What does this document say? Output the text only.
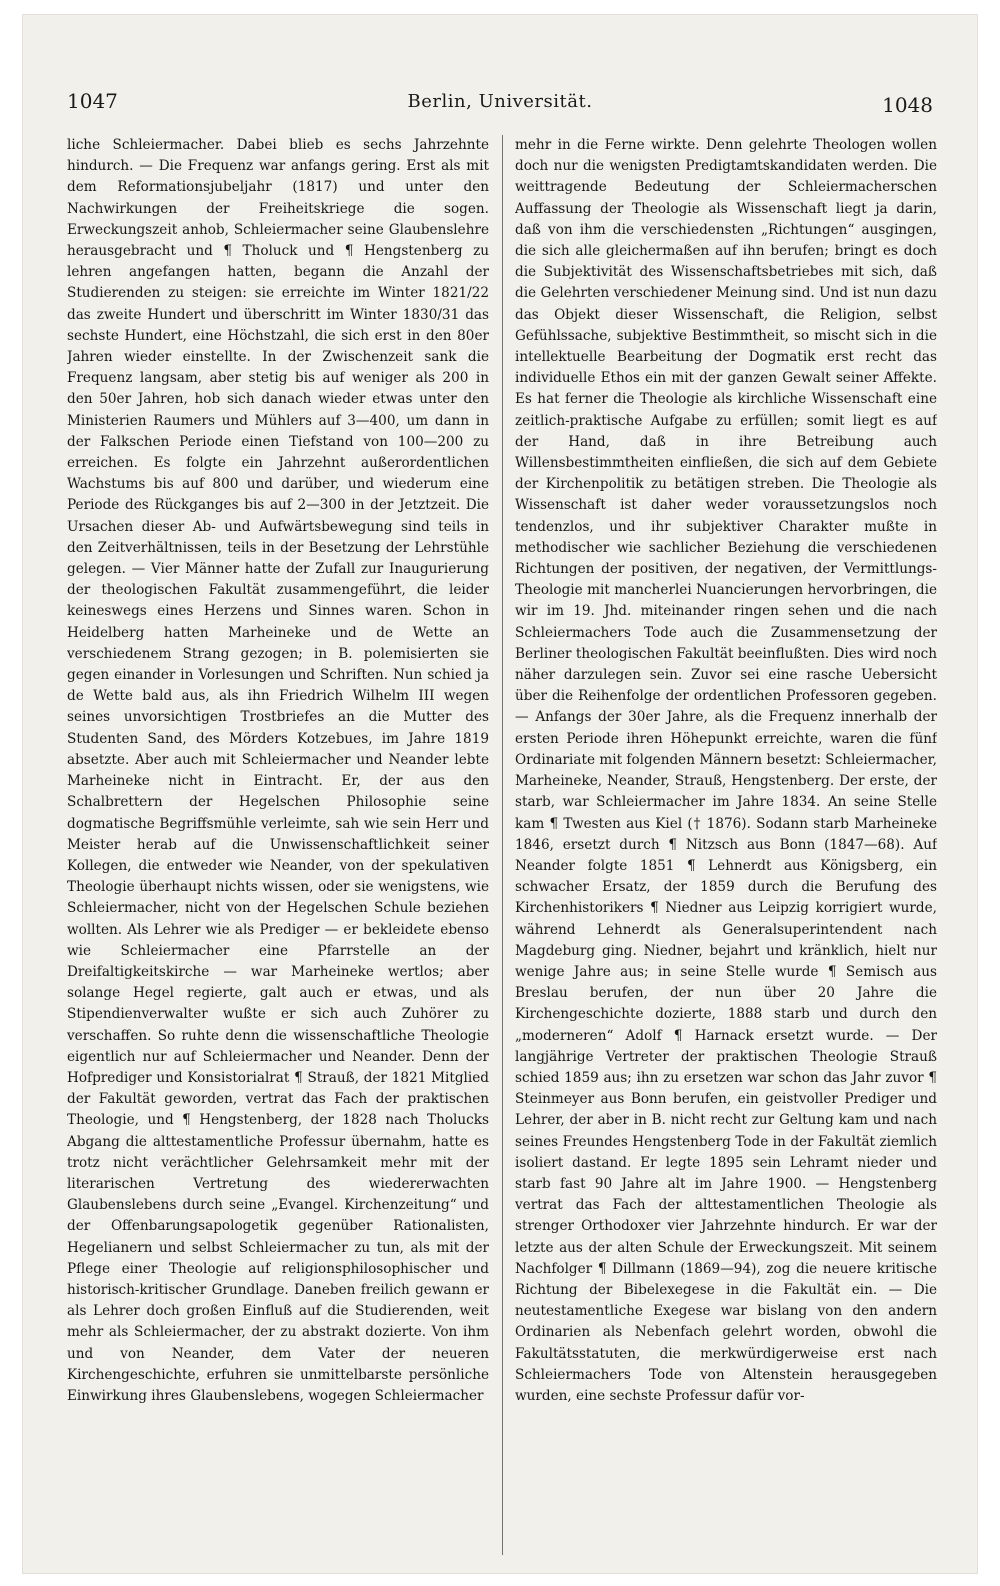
1047	Berlin, Universität.	1048

liche Schleiermacher. Dabei blieb es sechs Jahrzehnte hindurch. — Die Frequenz war anfangs gering. Erst als mit dem Reformationsjubeljahr (1817) und unter den Nachwirkungen der Freiheitskriege die sogen. Erweckungszeit anhob, Schleiermacher seine Glaubenslehre herausgebracht und ¶ Tholuck und ¶ Hengstenberg zu lehren angefangen hatten, begann die Anzahl der Studierenden zu steigen: sie erreichte im Winter 1821/22 das zweite Hundert und überschritt im Winter 1830/31 das sechste Hundert, eine Höchstzahl, die sich erst in den 80er Jahren wieder einstellte. In der Zwischenzeit sank die Frequenz langsam, aber stetig bis auf weniger als 200 in den 50er Jahren, hob sich danach wieder etwas unter den Ministerien Raumers und Mühlers auf 3—400, um dann in der Falkschen Periode einen Tiefstand von 100—200 zu erreichen. Es folgte ein Jahrzehnt außerordentlichen Wachstums bis auf 800 und darüber, und wiederum eine Periode des Rückganges bis auf 2—300 in der Jetztzeit. Die Ursachen dieser Ab- und Aufwärtsbewegung sind teils in den Zeitverhältnissen, teils in der Besetzung der Lehrstühle gelegen. — Vier Männer hatte der Zufall zur Inaugurierung der theologischen Fakultät zusammengeführt, die leider keineswegs eines Herzens und Sinnes waren. Schon in Heidelberg hatten Marheineke und de Wette an verschiedenem Strang gezogen; in B. polemisierten sie gegen einander in Vorlesungen und Schriften. Nun schied ja de Wette bald aus, als ihn Friedrich Wilhelm III wegen seines unvorsichtigen Trostbriefes an die Mutter des Studenten Sand, des Mörders Kotzebues, im Jahre 1819 absetzte. Aber auch mit Schleiermacher und Neander lebte Marheineke nicht in Eintracht. Er, der aus den Schalbrettern der Hegelschen Philosophie seine dogmatische Begriffsmühle verleimte, sah wie sein Herr und Meister herab auf die Unwissenschaftlichkeit seiner Kollegen, die entweder wie Neander, von der spekulativen Theologie überhaupt nichts wissen, oder sie wenigstens, wie Schleiermacher, nicht von der Hegelschen Schule beziehen wollten. Als Lehrer wie als Prediger — er bekleidete ebenso wie Schleiermacher eine Pfarrstelle an der Dreifaltigkeitskirche — war Marheineke wertlos; aber solange Hegel regierte, galt auch er etwas, und als Stipendienverwalter wußte er sich auch Zuhörer zu verschaffen. So ruhte denn die wissenschaftliche Theologie eigentlich nur auf Schleiermacher und Neander. Denn der Hofprediger und Konsistorialrat ¶ Strauß, der 1821 Mitglied der Fakultät geworden, vertrat das Fach der praktischen Theologie, und ¶ Hengstenberg, der 1828 nach Tholucks Abgang die alttestamentliche Professur übernahm, hatte es trotz nicht verächtlicher Gelehrsamkeit mehr mit der literarischen Vertretung des wiedererwachten Glaubenslebens durch seine „Evangel. Kirchenzeitung“ und der Offenbarungsapologetik gegenüber Rationalisten, Hegelianern und selbst Schleiermacher zu tun, als mit der Pflege einer Theologie auf religionsphilosophischer und historisch-kritischer Grundlage. Daneben freilich gewann er als Lehrer doch großen Einfluß auf die Studierenden, weit mehr als Schleiermacher, der zu abstrakt dozierte. Von ihm und von Neander, dem Vater der neueren Kirchengeschichte, erfuhren sie unmittelbarste persönliche Einwirkung ihres Glaubenslebens, wogegen Schleiermacher

mehr in die Ferne wirkte. Denn gelehrte Theologen wollen doch nur die wenigsten Predigtamtskandidaten werden. Die weittragende Bedeutung der Schleiermacherschen Auffassung der Theologie als Wissenschaft liegt ja darin, daß von ihm die verschiedensten „Richtungen“ ausgingen, die sich alle gleichermaßen auf ihn berufen; bringt es doch die Subjektivität des Wissenschaftsbetriebes mit sich, daß die Gelehrten verschiedener Meinung sind. Und ist nun dazu das Objekt dieser Wissenschaft, die Religion, selbst Gefühlssache, subjektive Bestimmtheit, so mischt sich in die intellektuelle Bearbeitung der Dogmatik erst recht das individuelle Ethos ein mit der ganzen Gewalt seiner Affekte. Es hat ferner die Theologie als kirchliche Wissenschaft eine zeitlich-praktische Aufgabe zu erfüllen; somit liegt es auf der Hand, daß in ihre Betreibung auch Willensbestimmtheiten einfließen, die sich auf dem Gebiete der Kirchenpolitik zu betätigen streben. Die Theologie als Wissenschaft ist daher weder voraussetzungslos noch tendenzlos, und ihr subjektiver Charakter mußte in methodischer wie sachlicher Beziehung die verschiedenen Richtungen der positiven, der negativen, der Vermittlungs-Theologie mit mancherlei Nuancierungen hervorbringen, die wir im 19. Jhd. miteinander ringen sehen und die nach Schleiermachers Tode auch die Zusammensetzung der Berliner theologischen Fakultät beeinflußten. Dies wird noch näher darzulegen sein. Zuvor sei eine rasche Uebersicht über die Reihenfolge der ordentlichen Professoren gegeben. — Anfangs der 30er Jahre, als die Frequenz innerhalb der ersten Periode ihren Höhepunkt erreichte, waren die fünf Ordinariate mit folgenden Männern besetzt: Schleiermacher, Marheineke, Neander, Strauß, Hengstenberg. Der erste, der starb, war Schleiermacher im Jahre 1834. An seine Stelle kam ¶ Twesten aus Kiel († 1876). Sodann starb Marheineke 1846, ersetzt durch ¶ Nitzsch aus Bonn (1847—68). Auf Neander folgte 1851 ¶ Lehnerdt aus Königsberg, ein schwacher Ersatz, der 1859 durch die Berufung des Kirchenhistorikers ¶ Niedner aus Leipzig korrigiert wurde, während Lehnerdt als Generalsuperintendent nach Magdeburg ging. Niedner, bejahrt und kränklich, hielt nur wenige Jahre aus; in seine Stelle wurde ¶ Semisch aus Breslau berufen, der nun über 20 Jahre die Kirchengeschichte dozierte, 1888 starb und durch den „moderneren“ Adolf ¶ Harnack ersetzt wurde. — Der langjährige Vertreter der praktischen Theologie Strauß schied 1859 aus; ihn zu ersetzen war schon das Jahr zuvor ¶ Steinmeyer aus Bonn berufen, ein geistvoller Prediger und Lehrer, der aber in B. nicht recht zur Geltung kam und nach seines Freundes Hengstenberg Tode in der Fakultät ziemlich isoliert dastand. Er legte 1895 sein Lehramt nieder und starb fast 90 Jahre alt im Jahre 1900. — Hengstenberg vertrat das Fach der alttestamentlichen Theologie als strenger Orthodoxer vier Jahrzehnte hindurch. Er war der letzte aus der alten Schule der Erweckungszeit. Mit seinem Nachfolger ¶ Dillmann (1869—94), zog die neuere kritische Richtung der Bibelexegese in die Fakultät ein. — Die neutestamentliche Exegese war bislang von den andern Ordinarien als Nebenfach gelehrt worden, obwohl die Fakultätsstatuten, die merkwürdigerweise erst nach Schleiermachers Tode von Altenstein herausgegeben wurden, eine sechste Professur dafür vor-
